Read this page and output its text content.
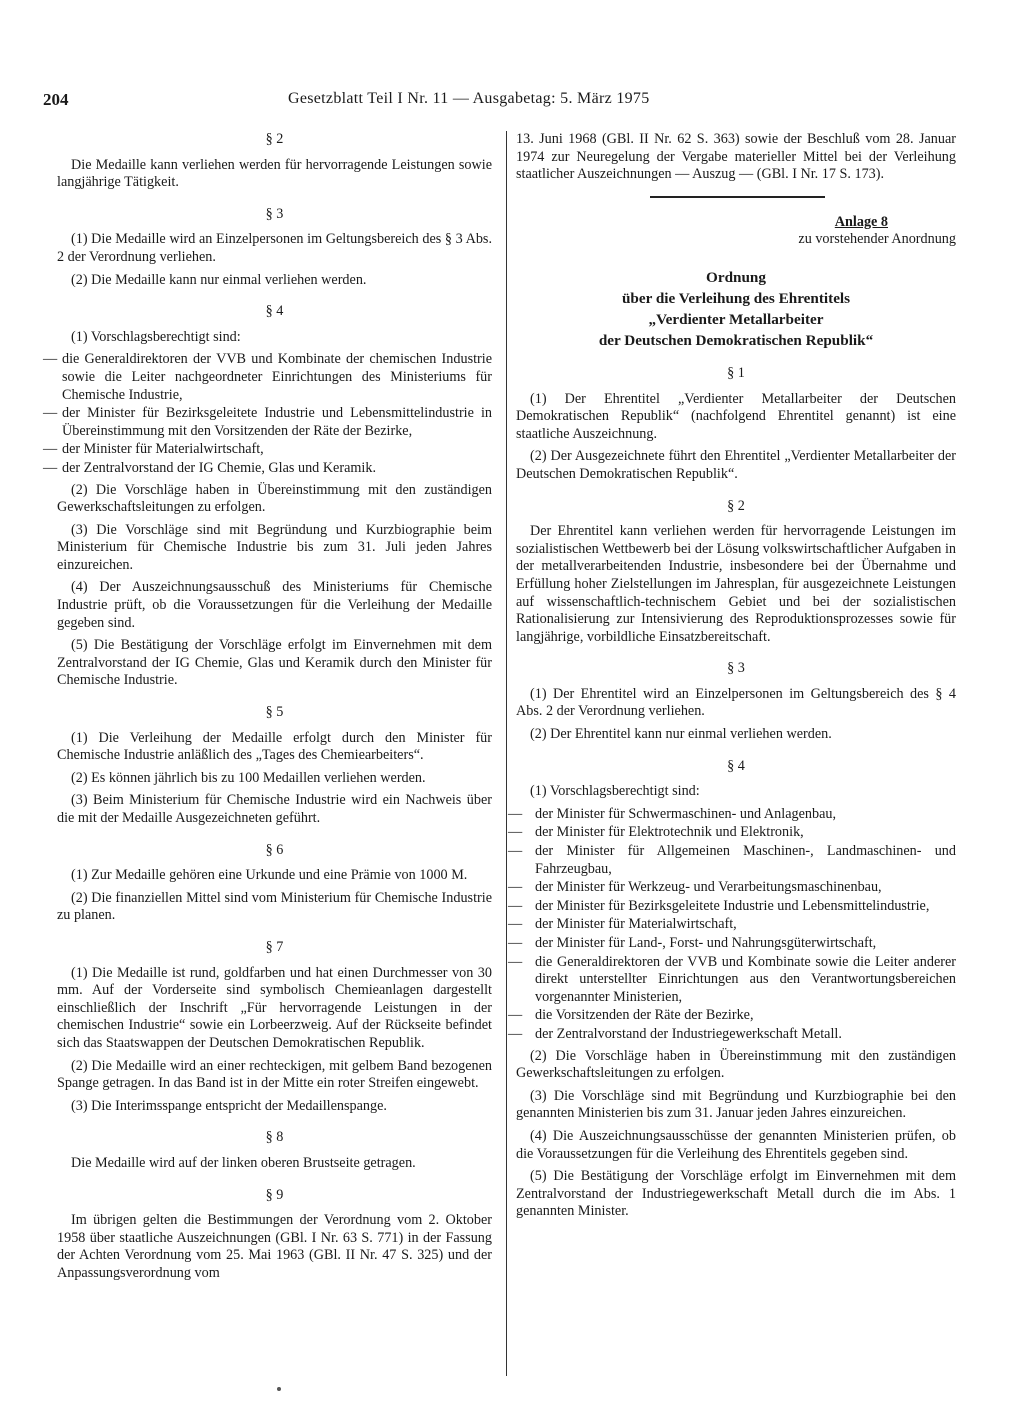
204	Gesetzblatt Teil I Nr. 11 — Ausgabetag: 5. März 1975
§ 2

Die Medaille kann verliehen werden für hervorragende Leistungen sowie langjährige Tätigkeit.

§ 3

(1) Die Medaille wird an Einzelpersonen im Geltungsbereich des § 3 Abs. 2 der Verordnung verliehen.

(2) Die Medaille kann nur einmal verliehen werden.

§ 4

(1) Vorschlagsberechtigt sind:

— die Generaldirektoren der VVB und Kombinate der chemischen Industrie sowie die Leiter nachgeordneter Einrichtungen des Ministeriums für Chemische Industrie,
— der Minister für Bezirksgeleitete Industrie und Lebensmittelindustrie in Übereinstimmung mit den Vorsitzenden der Räte der Bezirke,
— der Minister für Materialwirtschaft,
— der Zentralvorstand der IG Chemie, Glas und Keramik.

(2) Die Vorschläge haben in Übereinstimmung mit den zuständigen Gewerkschaftsleitungen zu erfolgen.

(3) Die Vorschläge sind mit Begründung und Kurzbiographie beim Ministerium für Chemische Industrie bis zum 31. Juli jeden Jahres einzureichen.

(4) Der Auszeichnungsausschuß des Ministeriums für Chemische Industrie prüft, ob die Voraussetzungen für die Verleihung der Medaille gegeben sind.

(5) Die Bestätigung der Vorschläge erfolgt im Einvernehmen mit dem Zentralvorstand der IG Chemie, Glas und Keramik durch den Minister für Chemische Industrie.

§ 5

(1) Die Verleihung der Medaille erfolgt durch den Minister für Chemische Industrie anläßlich des „Tages des Chemiearbeiters“.

(2) Es können jährlich bis zu 100 Medaillen verliehen werden.

(3) Beim Ministerium für Chemische Industrie wird ein Nachweis über die mit der Medaille Ausgezeichneten geführt.

§ 6

(1) Zur Medaille gehören eine Urkunde und eine Prämie von 1000 M.

(2) Die finanziellen Mittel sind vom Ministerium für Chemische Industrie zu planen.

§ 7

(1) Die Medaille ist rund, goldfarben und hat einen Durchmesser von 30 mm. Auf der Vorderseite sind symbolisch Chemieanlagen dargestellt einschließlich der Inschrift „Für hervorragende Leistungen in der chemischen Industrie“ sowie ein Lorbeerzweig. Auf der Rückseite befindet sich das Staatswappen der Deutschen Demokratischen Republik.

(2) Die Medaille wird an einer rechteckigen, mit gelbem Band bezogenen Spange getragen. In das Band ist in der Mitte ein roter Streifen eingewebt.

(3) Die Interimsspange entspricht der Medaillenspange.

§ 8

Die Medaille wird auf der linken oberen Brustseite getragen.

§ 9

Im übrigen gelten die Bestimmungen der Verordnung vom 2. Oktober 1958 über staatliche Auszeichnungen (GBl. I Nr. 63 S. 771) in der Fassung der Achten Verordnung vom 25. Mai 1963 (GBl. II Nr. 47 S. 325) und der Anpassungsverordnung vom

13. Juni 1968 (GBl. II Nr. 62 S. 363) sowie der Beschluß vom 28. Januar 1974 zur Neuregelung der Vergabe materieller Mittel bei der Verleihung staatlicher Auszeichnungen — Auszug — (GBl. I Nr. 17 S. 173).

Anlage 8
zu vorstehender Anordnung
Ordnung
über die Verleihung des Ehrentitels
„Verdienter Metallarbeiter
der Deutschen Demokratischen Republik“
§ 1

(1) Der Ehrentitel „Verdienter Metallarbeiter der Deutschen Demokratischen Republik“ (nachfolgend Ehrentitel genannt) ist eine staatliche Auszeichnung.

(2) Der Ausgezeichnete führt den Ehrentitel „Verdienter Metallarbeiter der Deutschen Demokratischen Republik“.

§ 2

Der Ehrentitel kann verliehen werden für hervorragende Leistungen im sozialistischen Wettbewerb bei der Lösung volkswirtschaftlicher Aufgaben in der metallverarbeitenden Industrie, insbesondere bei der Übernahme und Erfüllung hoher Zielstellungen im Jahresplan, für ausgezeichnete Leistungen auf wissenschaftlich-technischem Gebiet und bei der sozialistischen Rationalisierung zur Intensivierung des Reproduktionsprozesses sowie für langjährige, vorbildliche Einsatzbereitschaft.

§ 3

(1) Der Ehrentitel wird an Einzelpersonen im Geltungsbereich des § 4 Abs. 2 der Verordnung verliehen.

(2) Der Ehrentitel kann nur einmal verliehen werden.

§ 4

(1) Vorschlagsberechtigt sind:

— der Minister für Schwermaschinen- und Anlagenbau,
— der Minister für Elektrotechnik und Elektronik,
— der Minister für Allgemeinen Maschinen-, Landmaschinen- und Fahrzeugbau,
— der Minister für Werkzeug- und Verarbeitungsmaschinenbau,
— der Minister für Bezirksgeleitete Industrie und Lebensmittelindustrie,
— der Minister für Materialwirtschaft,
— der Minister für Land-, Forst- und Nahrungsgüterwirtschaft,
— die Generaldirektoren der VVB und Kombinate sowie die Leiter anderer direkt unterstellter Einrichtungen aus den Verantwortungsbereichen vorgenannter Ministerien,
— die Vorsitzenden der Räte der Bezirke,
— der Zentralvorstand der Industriegewerkschaft Metall.

(2) Die Vorschläge haben in Übereinstimmung mit den zuständigen Gewerkschaftsleitungen zu erfolgen.

(3) Die Vorschläge sind mit Begründung und Kurzbiographie bei den genannten Ministerien bis zum 31. Januar jeden Jahres einzureichen.

(4) Die Auszeichnungsausschüsse der genannten Ministerien prüfen, ob die Voraussetzungen für die Verleihung des Ehrentitels gegeben sind.

(5) Die Bestätigung der Vorschläge erfolgt im Einvernehmen mit dem Zentralvorstand der Industriegewerkschaft Metall durch die im Abs. 1 genannten Minister.
